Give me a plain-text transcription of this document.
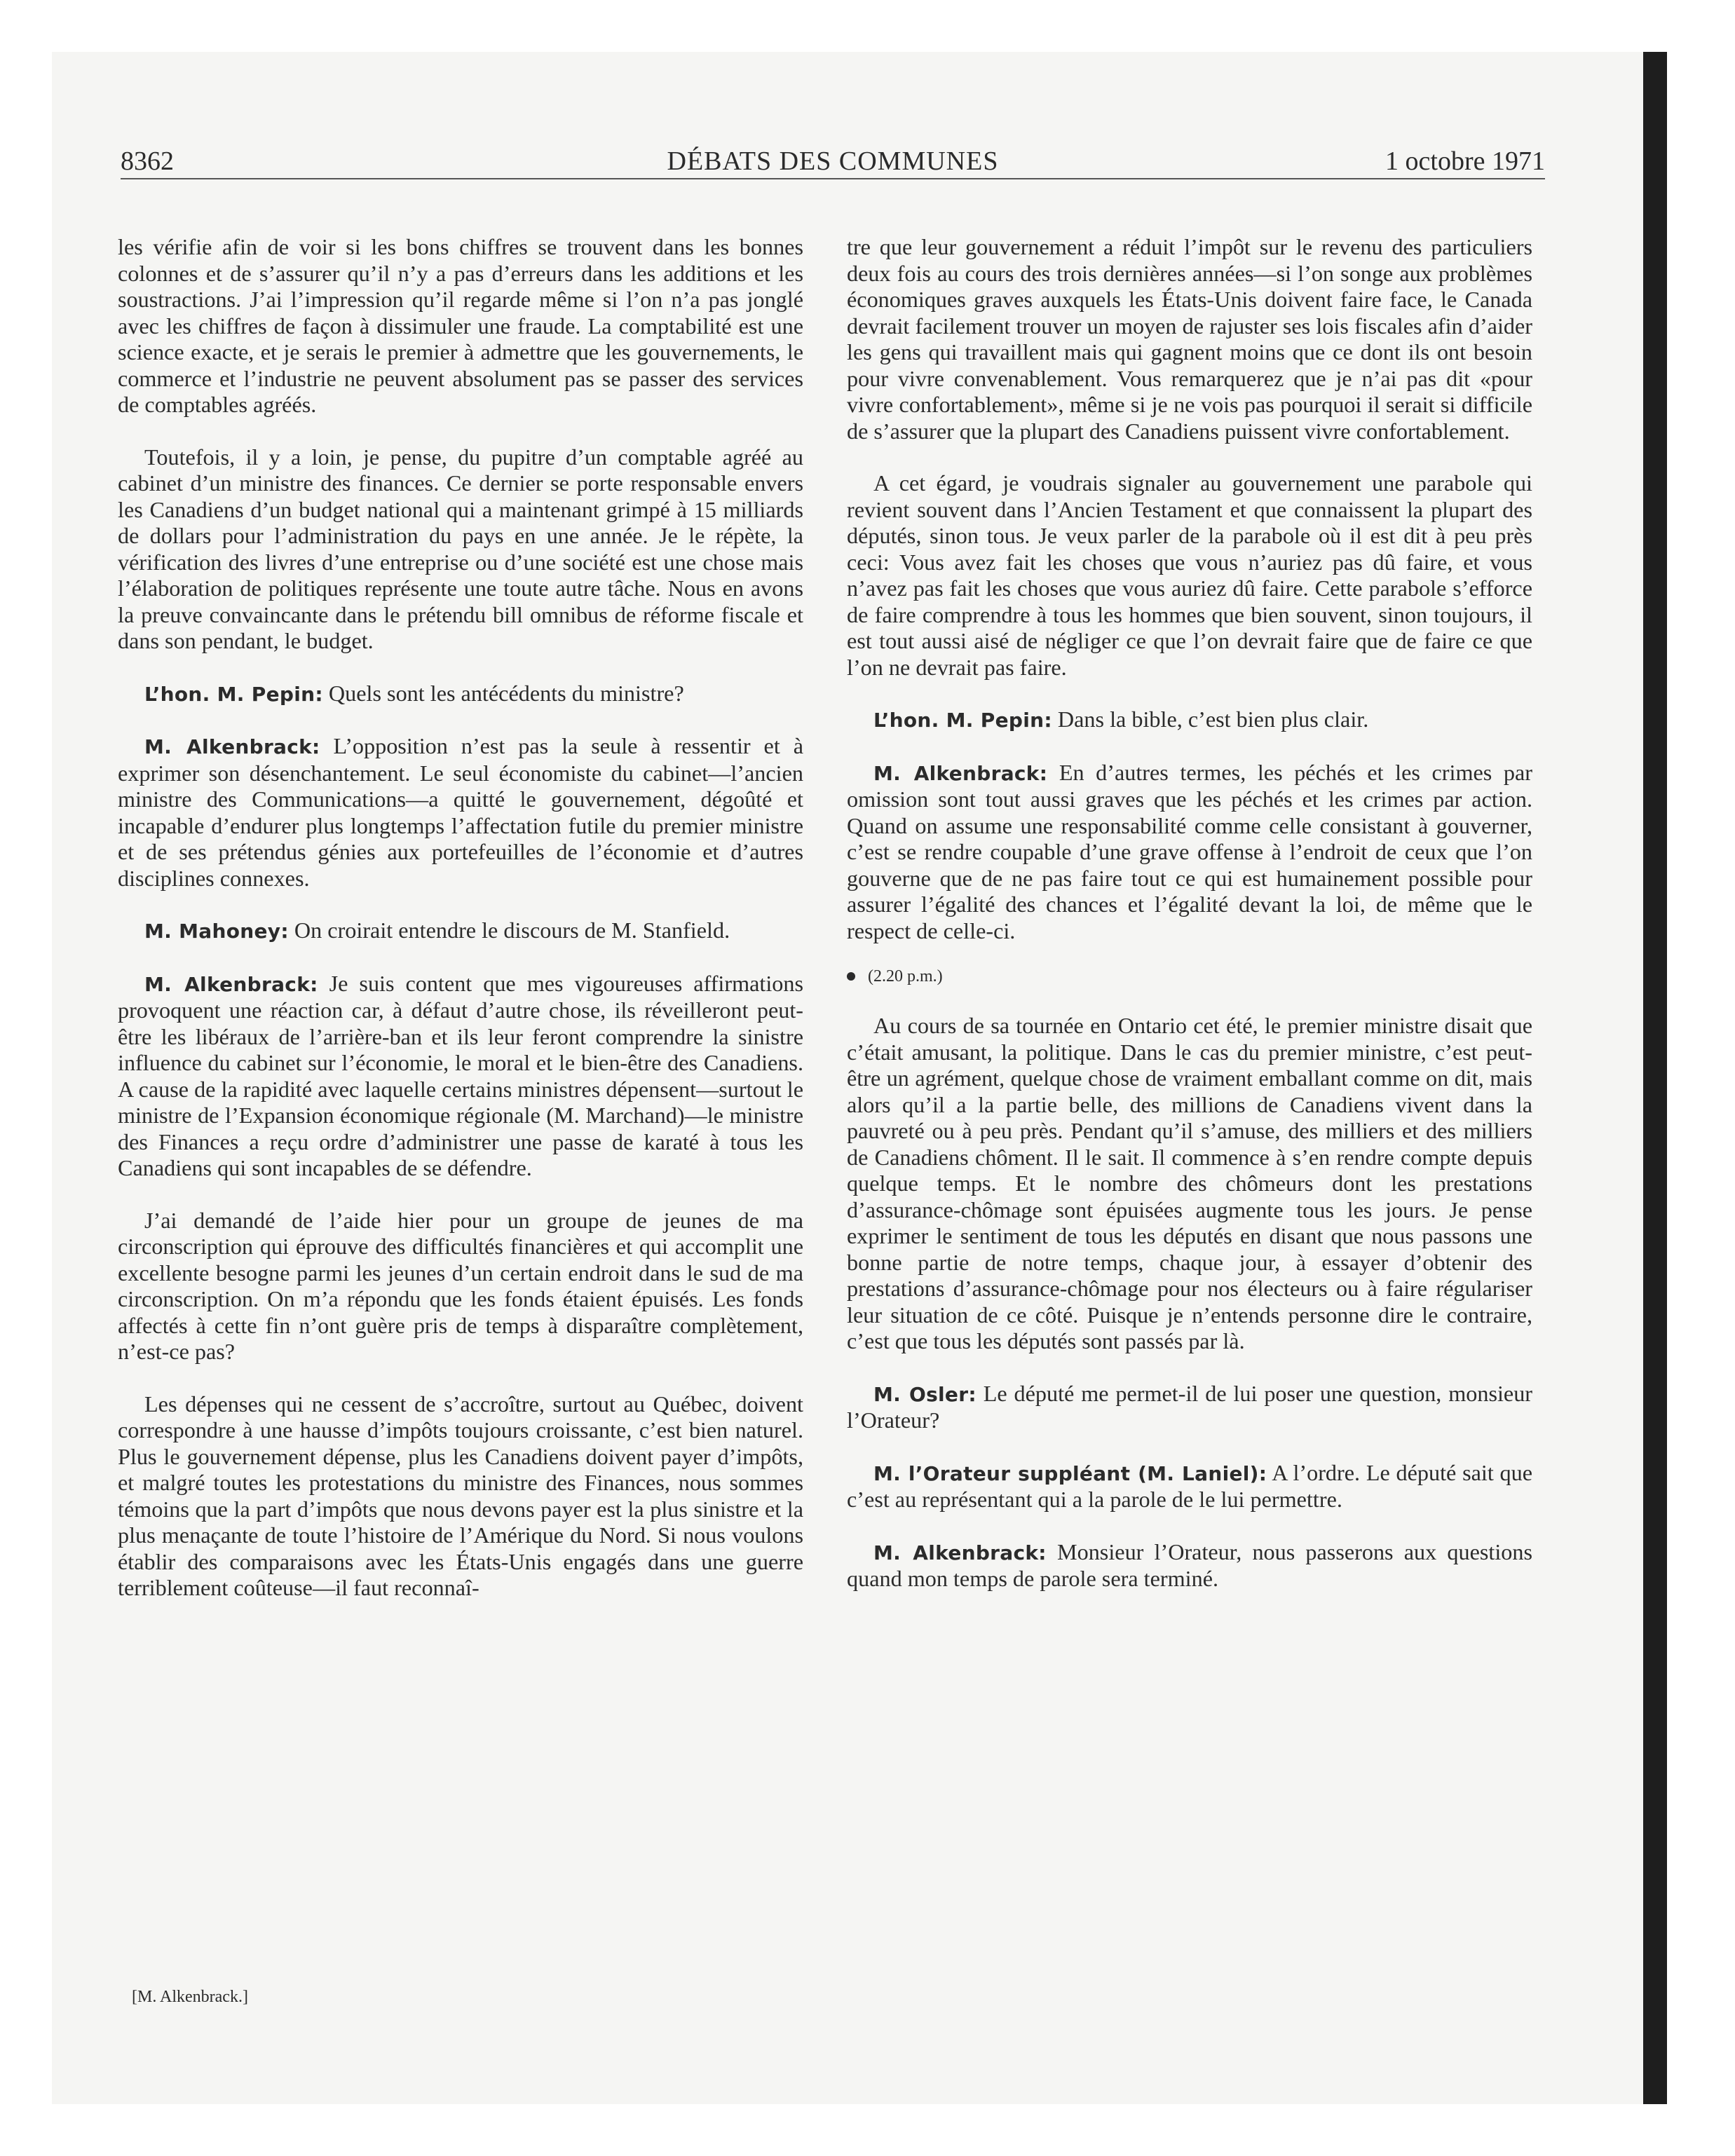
8362	DÉBATS DES COMMUNES	1 octobre 1971

les vérifie afin de voir si les bons chiffres se trouvent dans les bonnes colonnes et de s’assurer qu’il n’y a pas d’erreurs dans les additions et les soustractions. J’ai l’impression qu’il regarde même si l’on n’a pas jonglé avec les chiffres de façon à dissimuler une fraude. La comptabilité est une science exacte, et je serais le premier à admettre que les gouvernements, le commerce et l’industrie ne peuvent absolument pas se passer des services de comptables agréés.

Toutefois, il y a loin, je pense, du pupitre d’un comptable agréé au cabinet d’un ministre des finances. Ce dernier se porte responsable envers les Canadiens d’un budget national qui a maintenant grimpé à 15 milliards de dollars pour l’administration du pays en une année. Je le répète, la vérification des livres d’une entreprise ou d’une société est une chose mais l’élaboration de politiques représente une toute autre tâche. Nous en avons la preuve convaincante dans le prétendu bill omnibus de réforme fiscale et dans son pendant, le budget.

L’hon. M. Pepin: Quels sont les antécédents du ministre?

M. Alkenbrack: L’opposition n’est pas la seule à ressentir et à exprimer son désenchantement. Le seul économiste du cabinet—l’ancien ministre des Communications—a quitté le gouvernement, dégoûté et incapable d’endurer plus longtemps l’affectation futile du premier ministre et de ses prétendus génies aux portefeuilles de l’économie et d’autres disciplines connexes.

M. Mahoney: On croirait entendre le discours de M. Stanfield.

M. Alkenbrack: Je suis content que mes vigoureuses affirmations provoquent une réaction car, à défaut d’autre chose, ils réveilleront peut-être les libéraux de l’arrière-ban et ils leur feront comprendre la sinistre influence du cabinet sur l’économie, le moral et le bien-être des Canadiens. A cause de la rapidité avec laquelle certains ministres dépensent—surtout le ministre de l’Expansion économique régionale (M. Marchand)—le ministre des Finances a reçu ordre d’administrer une passe de karaté à tous les Canadiens qui sont incapables de se défendre.

J’ai demandé de l’aide hier pour un groupe de jeunes de ma circonscription qui éprouve des difficultés financières et qui accomplit une excellente besogne parmi les jeunes d’un certain endroit dans le sud de ma circonscription. On m’a répondu que les fonds étaient épuisés. Les fonds affectés à cette fin n’ont guère pris de temps à disparaître complètement, n’est-ce pas?

Les dépenses qui ne cessent de s’accroître, surtout au Québec, doivent correspondre à une hausse d’impôts toujours croissante, c’est bien naturel. Plus le gouvernement dépense, plus les Canadiens doivent payer d’impôts, et malgré toutes les protestations du ministre des Finances, nous sommes témoins que la part d’impôts que nous devons payer est la plus sinistre et la plus menaçante de toute l’histoire de l’Amérique du Nord. Si nous voulons établir des comparaisons avec les États-Unis engagés dans une guerre terriblement coûteuse—il faut reconnaî-

tre que leur gouvernement a réduit l’impôt sur le revenu des particuliers deux fois au cours des trois dernières années—si l’on songe aux problèmes économiques graves auxquels les États-Unis doivent faire face, le Canada devrait facilement trouver un moyen de rajuster ses lois fiscales afin d’aider les gens qui travaillent mais qui gagnent moins que ce dont ils ont besoin pour vivre convenablement. Vous remarquerez que je n’ai pas dit «pour vivre confortablement», même si je ne vois pas pourquoi il serait si difficile de s’assurer que la plupart des Canadiens puissent vivre confortablement.

A cet égard, je voudrais signaler au gouvernement une parabole qui revient souvent dans l’Ancien Testament et que connaissent la plupart des députés, sinon tous. Je veux parler de la parabole où il est dit à peu près ceci: Vous avez fait les choses que vous n’auriez pas dû faire, et vous n’avez pas fait les choses que vous auriez dû faire. Cette parabole s’efforce de faire comprendre à tous les hommes que bien souvent, sinon toujours, il est tout aussi aisé de négliger ce que l’on devrait faire que de faire ce que l’on ne devrait pas faire.

L’hon. M. Pepin: Dans la bible, c’est bien plus clair.

M. Alkenbrack: En d’autres termes, les péchés et les crimes par omission sont tout aussi graves que les péchés et les crimes par action. Quand on assume une responsabilité comme celle consistant à gouverner, c’est se rendre coupable d’une grave offense à l’endroit de ceux que l’on gouverne que de ne pas faire tout ce qui est humainement possible pour assurer l’égalité des chances et l’égalité devant la loi, de même que le respect de celle-ci.

(2.20 p.m.)

Au cours de sa tournée en Ontario cet été, le premier ministre disait que c’était amusant, la politique. Dans le cas du premier ministre, c’est peut-être un agrément, quelque chose de vraiment emballant comme on dit, mais alors qu’il a la partie belle, des millions de Canadiens vivent dans la pauvreté ou à peu près. Pendant qu’il s’amuse, des milliers et des milliers de Canadiens chôment. Il le sait. Il commence à s’en rendre compte depuis quelque temps. Et le nombre des chômeurs dont les prestations d’assurance-chômage sont épuisées augmente tous les jours. Je pense exprimer le sentiment de tous les députés en disant que nous passons une bonne partie de notre temps, chaque jour, à essayer d’obtenir des prestations d’assurance-chômage pour nos électeurs ou à faire régulariser leur situation de ce côté. Puisque je n’entends personne dire le contraire, c’est que tous les députés sont passés par là.

M. Osler: Le député me permet-il de lui poser une question, monsieur l’Orateur?

M. l’Orateur suppléant (M. Laniel): A l’ordre. Le député sait que c’est au représentant qui a la parole de le lui permettre.

M. Alkenbrack: Monsieur l’Orateur, nous passerons aux questions quand mon temps de parole sera terminé.

[M. Alkenbrack.]
